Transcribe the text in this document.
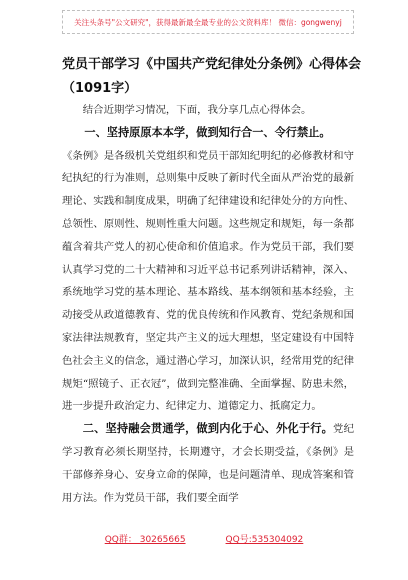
关注头条号"公文研究"，获得最新最全最专业的公文资料库！ 微信：gongwenyj
党员干部学习《中国共产党纪律处分条例》心得体会
（1091字）

结合近期学习情况，下面，我分享几点心得体会。

一、坚持原原本本学，做到知行合一、令行禁止。

《条例》是各级机关党组织和党员干部知纪明纪的必修教材和守纪执纪的行为准则，总则集中反映了新时代全面从严治党的最新理论、实践和制度成果，明确了纪律建设和纪律处分的方向性、总领性、原则性、规则性重大问题。这些规定和规矩，每一条都蕴含着共产党人的初心使命和价值追求。作为党员干部，我们要认真学习党的二十大精神和习近平总书记系列讲话精神，深入、系统地学习党的基本理论、基本路线、基本纲领和基本经验，主动接受从政道德教育、党的优良传统和作风教育、党纪条规和国家法律法规教育，坚定共产主义的远大理想，坚定建设有中国特色社会主义的信念，通过潜心学习，加深认识，经常用党的纪律规矩“照镜子、正衣冠”，做到完整准确、全面掌握、防患未然，进一步提升政治定力、纪律定力、道德定力、抵腐定力。

二、坚持融会贯通学，做到内化于心、外化于行。党纪学习教育必须长期坚持，长期遵守，才会长期受益，《条例》是干部修养身心、安身立命的保障，也是问题清单、现成答案和管用方法。作为党员干部，我们要全面学

QQ群： 30265665	QQ号:535304092
